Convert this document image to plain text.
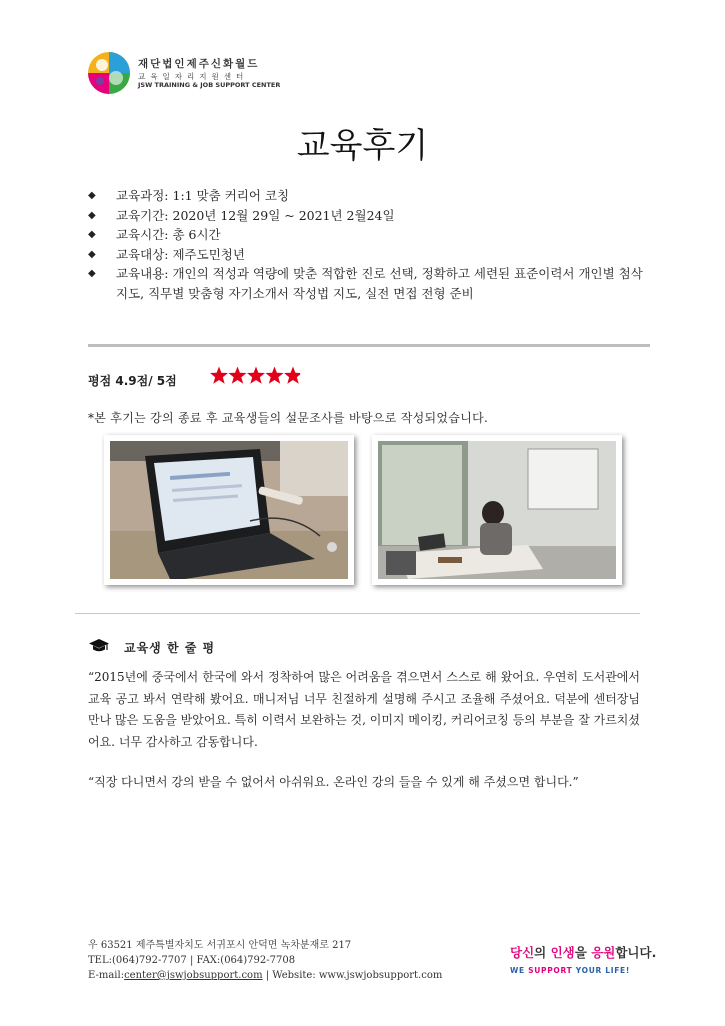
재단법인제주신화월드
교육일자리지원센터
JSW TRAINING & JOB SUPPORT CENTER
교육후기
◆ 교육과정: 1:1 맞춤 커리어 코칭
◆ 교육기간: 2020년 12월 29일 ~ 2021년 2월24일
◆ 교육시간: 총 6시간
◆ 교육대상: 제주도민청년
◆ 교육내용: 개인의 적성과 역량에 맞춘 적합한 진로 선택, 정확하고 세련된 표준이력서 개인별 첨삭 지도, 직무별 맞춤형 자기소개서 작성법 지도, 실전 면접 전형 준비
평점 4.9점/ 5점
*본 후기는 강의 종료 후 교육생들의 설문조사를 바탕으로 작성되었습니다.
교육생 한 줄 평

“2015년에 중국에서 한국에 와서 정착하여 많은 어려움을 겪으면서 스스로 해 왔어요. 우연히 도서관에서 교육 공고 봐서 연락해 봤어요. 매니저님 너무 친절하게 설명해 주시고 조율해 주셨어요. 덕분에 센터장님 만나 많은 도움을 받았어요. 특히 이력서 보완하는 것, 이미지 메이킹, 커리어코칭 등의 부분을 잘 가르치셨어요. 너무 감사하고 감동합니다.

“직장 다니면서 강의 받을 수 없어서 아쉬워요. 온라인 강의 들을 수 있게 해 주셨으면 합니다.”

우 63521 제주특별자치도 서귀포시 안덕면 녹차분재로 217
TEL:(064)792-7707 | FAX:(064)792-7708
E-mail:center@jswjobsupport.com | Website: www.jswjobsupport.com
당신의 인생을 응원합니다.
WE SUPPORT YOUR LIFE!
